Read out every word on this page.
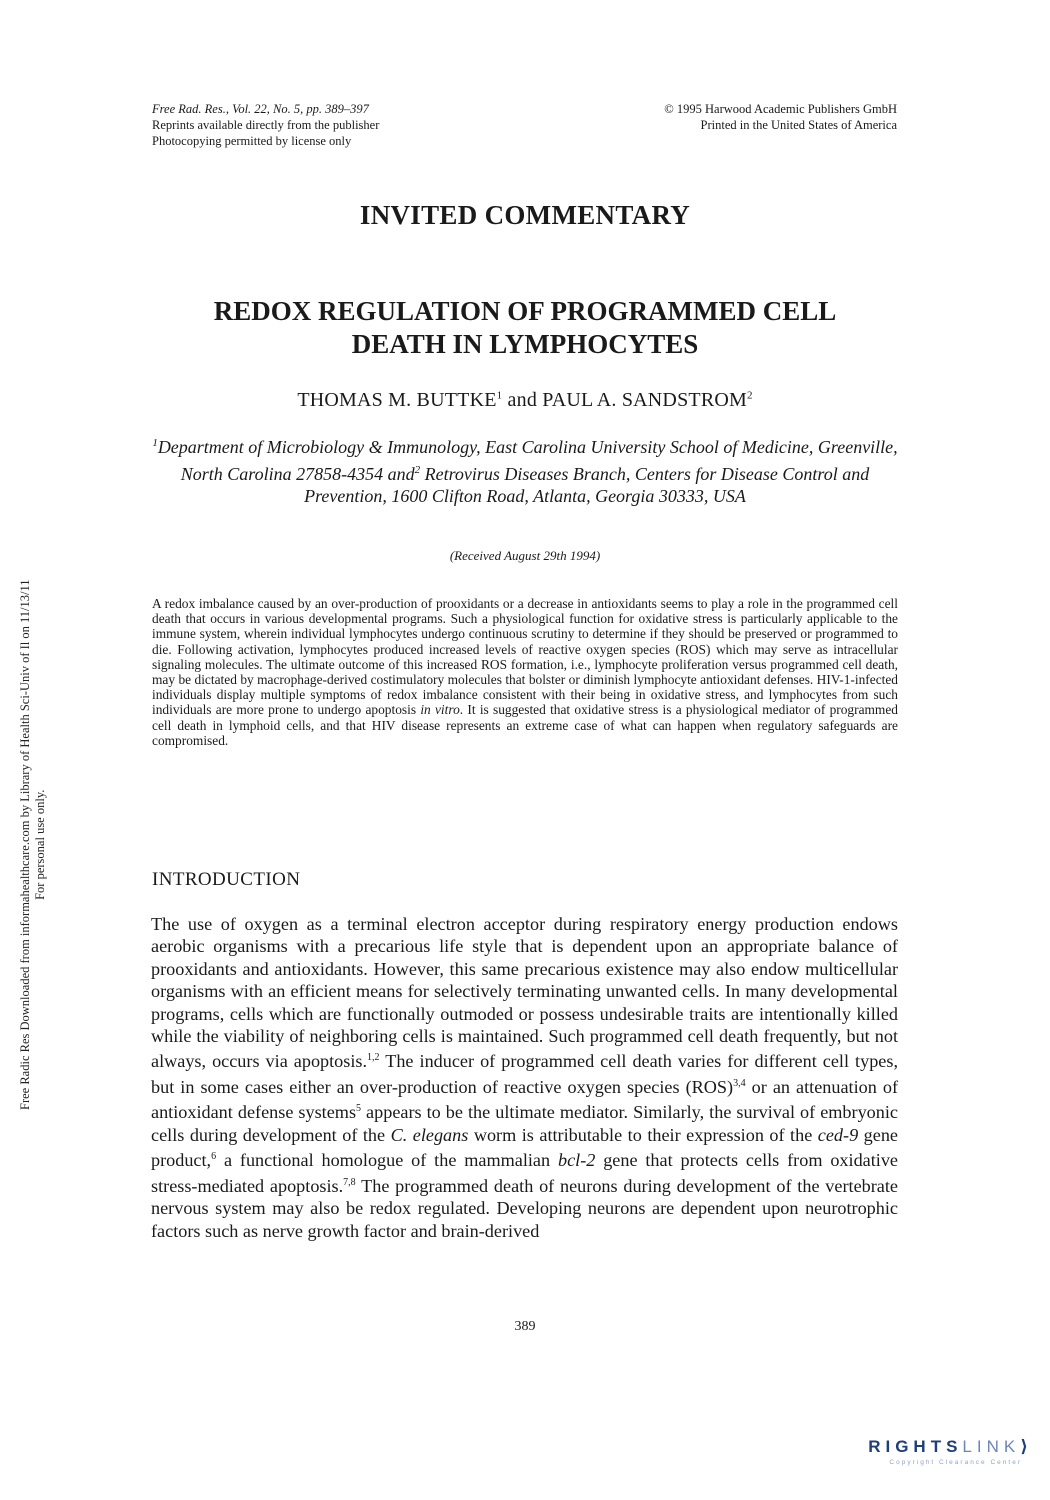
Free Rad. Res., Vol. 22, No. 5, pp. 389–397
Reprints available directly from the publisher
Photocopying permitted by license only
© 1995 Harwood Academic Publishers GmbH
Printed in the United States of America
Free Radic Res Downloaded from informahealthcare.com by Library of Health Sci-Univ of Il on 11/13/11 For personal use only.
INVITED COMMENTARY
REDOX REGULATION OF PROGRAMMED CELL
DEATH IN LYMPHOCYTES
THOMAS M. BUTTKE$^1$ and PAUL A. SANDSTROM$^2$
$^1$Department of Microbiology & Immunology, East Carolina University School of Medicine, Greenville, North Carolina 27858-4354 and$^2$ Retrovirus Diseases Branch, Centers for Disease Control and Prevention, 1600 Clifton Road, Atlanta, Georgia 30333, USA
(Received August 29th 1994)

A redox imbalance caused by an over-production of prooxidants or a decrease in antioxidants seems to play a role in the programmed cell death that occurs in various developmental programs. Such a physiological function for oxidative stress is particularly applicable to the immune system, wherein individual lymphocytes undergo continuous scrutiny to determine if they should be preserved or programmed to die. Following activation, lymphocytes produced increased levels of reactive oxygen species (ROS) which may serve as intracellular signaling molecules. The ultimate outcome of this increased ROS formation, i.e., lymphocyte proliferation versus programmed cell death, may be dictated by macrophage-derived costimulatory molecules that bolster or diminish lymphocyte antioxidant defenses. HIV-1-infected individuals display multiple symptoms of redox imbalance consistent with their being in oxidative stress, and lymphocytes from such individuals are more prone to undergo apoptosis in vitro. It is suggested that oxidative stress is a physiological mediator of programmed cell death in lymphoid cells, and that HIV disease represents an extreme case of what can happen when regulatory safeguards are compromised.

INTRODUCTION

The use of oxygen as a terminal electron acceptor during respiratory energy production endows aerobic organisms with a precarious life style that is dependent upon an appropriate balance of prooxidants and antioxidants. However, this same precarious existence may also endow multicellular organisms with an efficient means for selectively terminating unwanted cells. In many developmental programs, cells which are functionally outmoded or possess undesirable traits are intentionally killed while the viability of neighboring cells is maintained. Such programmed cell death frequently, but not always, occurs via apoptosis.$^{1,2}$ The inducer of programmed cell death varies for different cell types, but in some cases either an over-production of reactive oxygen species (ROS)$^{3,4}$ or an attenuation of antioxidant defense systems$^5$ appears to be the ultimate mediator. Similarly, the survival of embryonic cells during development of the C. elegans worm is attributable to their expression of the ced-9 gene product,$^6$ a functional homologue of the mammalian bcl-2 gene that protects cells from oxidative stress-mediated apoptosis.$^{7,8}$ The programmed death of neurons during development of the vertebrate nervous system may also be redox regulated. Developing neurons are dependent upon neurotrophic factors such as nerve growth factor and brain-derived

389
RIGHTSLINK⟩
Copyright Clearance Center
